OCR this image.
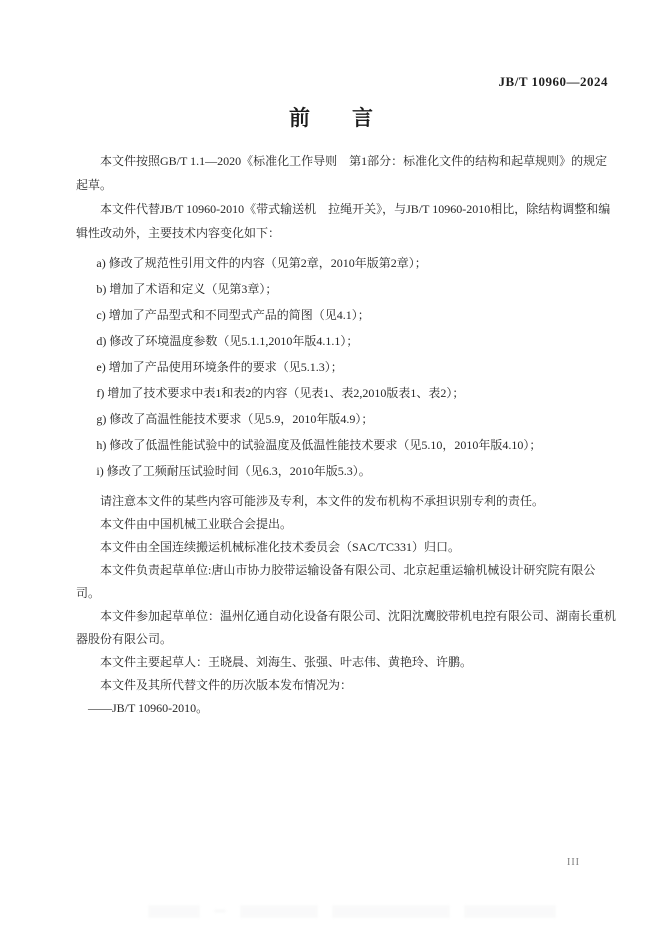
JB/T 10960—2024
前　　言

本文件按照GB/T 1.1—2020《标准化工作导则　第1部分：标准化文件的结构和起草规则》的规定起草。

本文件代替JB/T 10960-2010《带式输送机　拉绳开关》，与JB/T 10960-2010相比，除结构调整和编辑性改动外，主要技术内容变化如下：

a) 修改了规范性引用文件的内容（见第2章，2010年版第2章）；

b) 增加了术语和定义（见第3章）；

c) 增加了产品型式和不同型式产品的简图（见4.1）；

d) 修改了环境温度参数（见5.1.1,2010年版4.1.1）；

e) 增加了产品使用环境条件的要求（见5.1.3）；

f) 增加了技术要求中表1和表2的内容（见表1、表2,2010版表1、表2）；

g) 修改了高温性能技术要求（见5.9，2010年版4.9）；

h) 修改了低温性能试验中的试验温度及低温性能技术要求（见5.10，2010年版4.10）；

i) 修改了工频耐压试验时间（见6.3，2010年版5.3）。

请注意本文件的某些内容可能涉及专利，本文件的发布机构不承担识别专利的责任。

本文件由中国机械工业联合会提出。

本文件由全国连续搬运机械标准化技术委员会（SAC/TC331）归口。

本文件负责起草单位:唐山市协力胶带运输设备有限公司、北京起重运输机械设计研究院有限公司。

本文件参加起草单位：温州亿通自动化设备有限公司、沈阳沈鹰胶带机电控有限公司、湖南长重机器股份有限公司。

本文件主要起草人：王晓晨、刘海生、张强、叶志伟、黄艳玲、许鹏。

本文件及其所代替文件的历次版本发布情况为：

——JB/T 10960-2010。

III
